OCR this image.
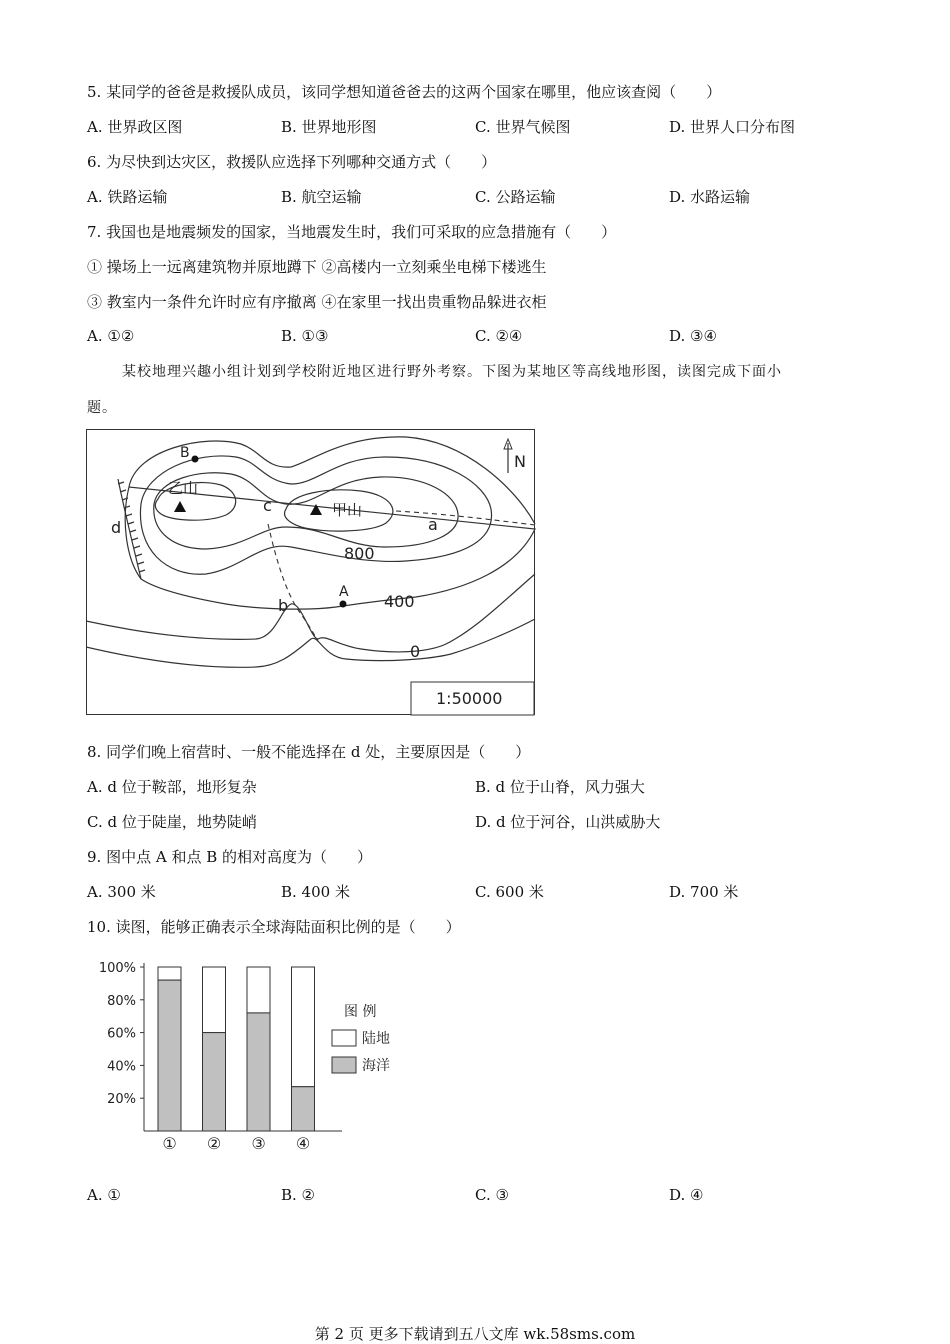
5. 某同学的爸爸是救援队成员，该同学想知道爸爸去的这两个国家在哪里，他应该查阅（　　）
A. 世界政区图	B. 世界地形图	C. 世界气候图	D. 世界人口分布图
6. 为尽快到达灾区，救援队应选择下列哪种交通方式（　　）
A. 铁路运输	B. 航空运输	C. 公路运输	D. 水路运输
7. 我国也是地震频发的国家，当地震发生时，我们可采取的应急措施有（　　）
① 操场上一远离建筑物并原地蹲下 ②高楼内一立刻乘坐电梯下楼逃生
③ 教室内一条件允许时应有序撤离 ④在家里一找出贵重物品躲进衣柜
A. ①②	B. ①③	C. ②④	D. ③④
某校地理兴趣小组计划到学校附近地区进行野外考察。下图为某地区等高线地形图，读图完成下面小
题。
N
B
乙山
甲山
c
a
d
800
A 400
b
0
1:50000
8. 同学们晚上宿营时、一般不能选择在 d 处，主要原因是（　　）
A. d 位于鞍部，地形复杂	B. d 位于山脊，风力强大
C. d 位于陡崖，地势陡峭	D. d 位于河谷，山洪威胁大
9. 图中点 A 和点 B 的相对高度为（　　）
A. 300 米	B. 400 米	C. 600 米	D. 700 米
10. 读图，能够正确表示全球海陆面积比例的是（　　）
20%
40%
60%
80%
100%
① ② ③ ④
图 例
陆地
海洋
A. ①	B. ②	C. ③	D. ④
第 2 页 更多下载请到五八文库 wk.58sms.com
